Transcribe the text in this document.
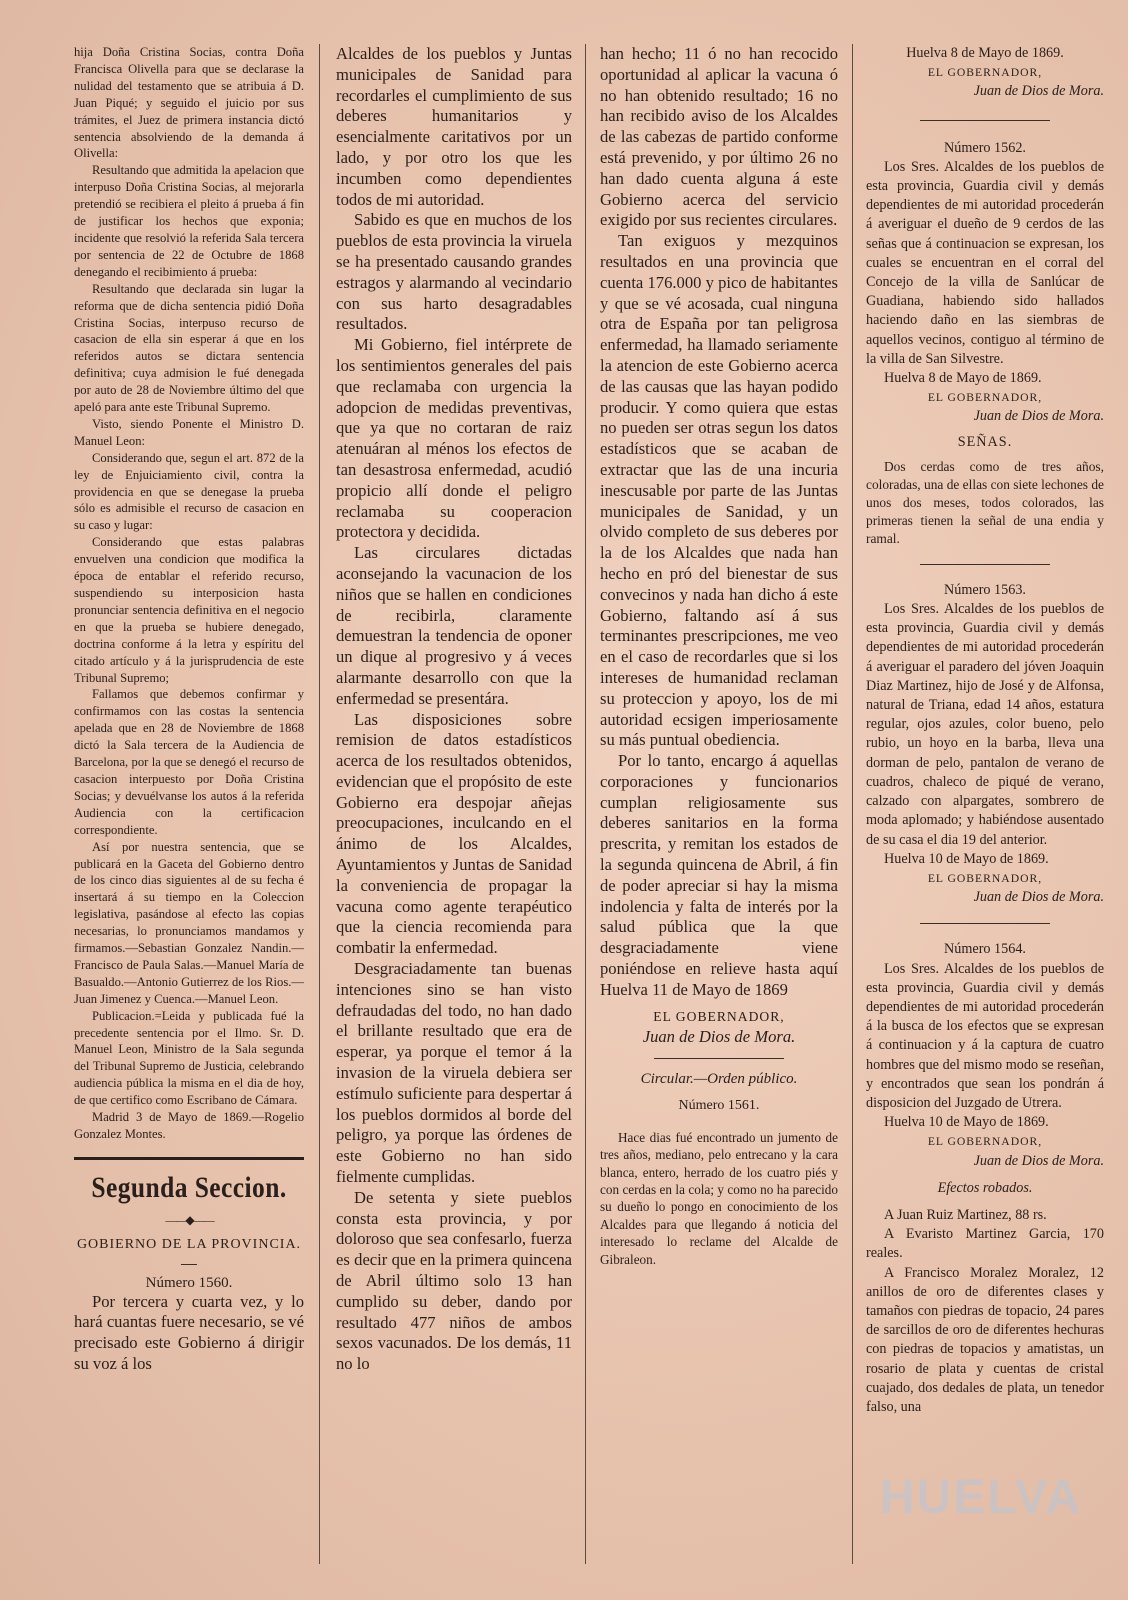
hija Doña Cristina Socias, contra Doña Francisca Olivella para que se declarase la nulidad del testamento que se atribuia á D. Juan Piqué; y seguido el juicio por sus trámites, el Juez de primera instancia dictó sentencia absolviendo de la demanda á Olivella:

Resultando que admitida la apelacion que interpuso Doña Cristina Socias, al mejorarla pretendió se recibiera el pleito á prueba á fin de justificar los hechos que exponia; incidente que resolvió la referida Sala tercera por sentencia de 22 de Octubre de 1868 denegando el recibimiento á prueba:

Resultando que declarada sin lugar la reforma que de dicha sentencia pidió Doña Cristina Socias, interpuso recurso de casacion de ella sin esperar á que en los referidos autos se dictara sentencia definitiva; cuya admision le fué denegada por auto de 28 de Noviembre último del que apeló para ante este Tribunal Supremo.

Visto, siendo Ponente el Ministro D. Manuel Leon:

Considerando que, segun el art. 872 de la ley de Enjuiciamiento civil, contra la providencia en que se denegase la prueba sólo es admisible el recurso de casacion en su caso y lugar:

Considerando que estas palabras envuelven una condicion que modifica la época de entablar el referido recurso, suspendiendo su interposicion hasta pronunciar sentencia definitiva en el negocio en que la prueba se hubiere denegado, doctrina conforme á la letra y espíritu del citado artículo y á la jurisprudencia de este Tribunal Supremo;

Fallamos que debemos confirmar y confirmamos con las costas la sentencia apelada que en 28 de Noviembre de 1868 dictó la Sala tercera de la Audiencia de Barcelona, por la que se denegó el recurso de casacion interpuesto por Doña Cristina Socias; y devuélvanse los autos á la referida Audiencia con la certificacion correspondiente.

Así por nuestra sentencia, que se publicará en la Gaceta del Gobierno dentro de los cinco dias siguientes al de su fecha é insertará á su tiempo en la Coleccion legislativa, pasándose al efecto las copias necesarias, lo pronunciamos mandamos y firmamos.—Sebastian Gonzalez Nandin.—Francisco de Paula Salas.—Manuel María de Basualdo.—Antonio Gutierrez de los Rios.—Juan Jimenez y Cuenca.—Manuel Leon.

Publicacion.=Leida y publicada fué la precedente sentencia por el Ilmo. Sr. D. Manuel Leon, Ministro de la Sala segunda del Tribunal Supremo de Justicia, celebrando audiencia pública la misma en el dia de hoy, de que certifico como Escribano de Cámara.

Madrid 3 de Mayo de 1869.—Rogelio Gonzalez Montes.

Segunda Seccion.
——◆——
GOBIERNO DE LA PROVINCIA.

Número 1560.

Por tercera y cuarta vez, y lo hará cuantas fuere necesario, se vé precisado este Gobierno á dirigir su voz á los

Alcaldes de los pueblos y Juntas municipales de Sanidad para recordarles el cumplimiento de sus deberes humanitarios y esencialmente caritativos por un lado, y por otro los que les incumben como dependientes todos de mi autoridad.

Sabido es que en muchos de los pueblos de esta provincia la viruela se ha presentado causando grandes estragos y alarmando al vecindario con sus harto desagradables resultados.

Mi Gobierno, fiel intérprete de los sentimientos generales del pais que reclamaba con urgencia la adopcion de medidas preventivas, que ya que no cortaran de raiz atenuáran al ménos los efectos de tan desastrosa enfermedad, acudió propicio allí donde el peligro reclamaba su cooperacion protectora y decidida.

Las circulares dictadas aconsejando la vacunacion de los niños que se hallen en condiciones de recibirla, claramente demuestran la tendencia de oponer un dique al progresivo y á veces alarmante desarrollo con que la enfermedad se presentára.

Las disposiciones sobre remision de datos estadísticos acerca de los resultados obtenidos, evidencian que el propósito de este Gobierno era despojar añejas preocupaciones, inculcando en el ánimo de los Alcaldes, Ayuntamientos y Juntas de Sanidad la conveniencia de propagar la vacuna como agente terapéutico que la ciencia recomienda para combatir la enfermedad.

Desgraciadamente tan buenas intenciones sino se han visto defraudadas del todo, no han dado el brillante resultado que era de esperar, ya porque el temor á la invasion de la viruela debiera ser estímulo suficiente para despertar á los pueblos dormidos al borde del peligro, ya porque las órdenes de este Gobierno no han sido fielmente cumplidas.

De setenta y siete pueblos consta esta provincia, y por doloroso que sea confesarlo, fuerza es decir que en la primera quincena de Abril último solo 13 han cumplido su deber, dando por resultado 477 niños de ambos sexos vacunados. De los demás, 11 no lo

han hecho; 11 ó no han recocido oportunidad al aplicar la vacuna ó no han obtenido resultado; 16 no han recibido aviso de los Alcaldes de las cabezas de partido conforme está prevenido, y por último 26 no han dado cuenta alguna á este Gobierno acerca del servicio exigido por sus recientes circulares.

Tan exiguos y mezquinos resultados en una provincia que cuenta 176.000 y pico de habitantes y que se vé acosada, cual ninguna otra de España por tan peligrosa enfermedad, ha llamado seriamente la atencion de este Gobierno acerca de las causas que las hayan podido producir. Y como quiera que estas no pueden ser otras segun los datos estadísticos que se acaban de extractar que las de una incuria inescusable por parte de las Juntas municipales de Sanidad, y un olvido completo de sus deberes por la de los Alcaldes que nada han hecho en pró del bienestar de sus convecinos y nada han dicho á este Gobierno, faltando así á sus terminantes prescripciones, me veo en el caso de recordarles que si los intereses de humanidad reclaman su proteccion y apoyo, los de mi autoridad ecsigen imperiosamente su más puntual obediencia.

Por lo tanto, encargo á aquellas corporaciones y funcionarios cumplan religiosamente sus deberes sanitarios en la forma prescrita, y remitan los estados de la segunda quincena de Abril, á fin de poder apreciar si hay la misma indolencia y falta de interés por la salud pública que la que desgraciadamente viene poniéndose en relieve hasta aquí Huelva 11 de Mayo de 1869

EL GOBERNADOR,

Juan de Dios de Mora.

Circular.—Orden público.

Número 1561.

Hace dias fué encontrado un jumento de tres años, mediano, pelo entrecano y la cara blanca, entero, herrado de los cuatro piés y con cerdas en la cola; y como no ha parecido su dueño lo pongo en conocimiento de los Alcaldes para que llegando á noticia del interesado lo reclame del Alcalde de Gibraleon.

Huelva 8 de Mayo de 1869.

EL GOBERNADOR,

Juan de Dios de Mora.

Número 1562.

Los Sres. Alcaldes de los pueblos de esta provincia, Guardia civil y demás dependientes de mi autoridad procederán á averiguar el dueño de 9 cerdos de las señas que á continuacion se expresan, los cuales se encuentran en el corral del Concejo de la villa de Sanlúcar de Guadiana, habiendo sido hallados haciendo daño en las siembras de aquellos vecinos, contiguo al término de la villa de San Silvestre.

Huelva 8 de Mayo de 1869.

EL GOBERNADOR,

Juan de Dios de Mora.

SEÑAS.

Dos cerdas como de tres años, coloradas, una de ellas con siete lechones de unos dos meses, todos colorados, las primeras tienen la señal de una endia y ramal.

Número 1563.

Los Sres. Alcaldes de los pueblos de esta provincia, Guardia civil y demás dependientes de mi autoridad procederán á averiguar el paradero del jóven Joaquin Diaz Martinez, hijo de José y de Alfonsa, natural de Triana, edad 14 años, estatura regular, ojos azules, color bueno, pelo rubio, un hoyo en la barba, lleva una dorman de pelo, pantalon de verano de cuadros, chaleco de piqué de verano, calzado con alpargates, sombrero de moda aplomado; y habiéndose ausentado de su casa el dia 19 del anterior.

Huelva 10 de Mayo de 1869.

EL GOBERNADOR,

Juan de Dios de Mora.

Número 1564.

Los Sres. Alcaldes de los pueblos de esta provincia, Guardia civil y demás dependientes de mi autoridad procederán á la busca de los efectos que se expresan á continuacion y á la captura de cuatro hombres que del mismo modo se reseñan, y encontrados que sean los pondrán á disposicion del Juzgado de Utrera.

Huelva 10 de Mayo de 1869.

EL GOBERNADOR,

Juan de Dios de Mora.

Efectos robados.

A Juan Ruiz Martinez, 88 rs.

A Evaristo Martinez Garcia, 170 reales.

A Francisco Moralez Moralez, 12 anillos de oro de diferentes clases y tamaños con piedras de topacio, 24 pares de sarcillos de oro de diferentes hechuras con piedras de topacios y amatistas, un rosario de plata y cuentas de cristal cuajado, dos dedales de plata, un tenedor falso, una

HUELVA
